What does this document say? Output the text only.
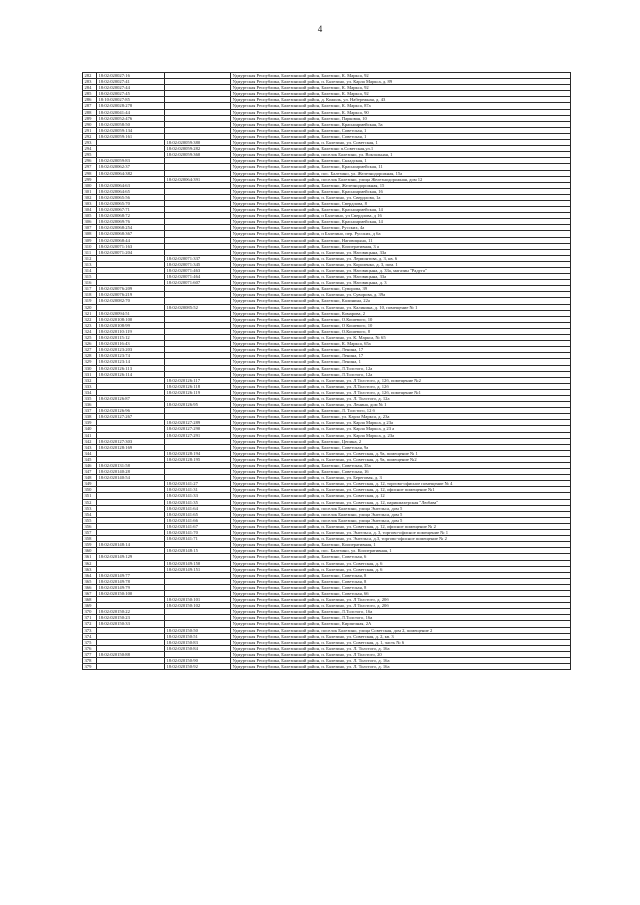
4
282	18:02:020027:16		Удмуртская Республика, Балезинский район, Балезино, К. Маркса, 92
283	18:02:020027:41		Удмуртская Республика, Балезинский район, п. Балезино, ул. Карла Маркса, д. 89
284	18:02:020027:44		Удмуртская Республика, Балезинский район, Балезино, К. Маркса, 92
285	18:02:020027:45		Удмуртская Республика, Балезинский район, Балезино, К. Маркса, 92
286	18:10:020027:85		Удмуртская Республика, Балезинский район, д. Кожиль, ул. Набережная, д. 43
287	18:02:020028:278		Удмуртская Республика, Балезинский район, Балезино, К. Маркса, 87а
288	18:02:020041:44		Удмуртская Республика, Балезинский район, Балезино, К. Маркса, 90
289	18:02:020052:476		Удмуртская Республика, Балезинский район, Балезино, Парковая, 10
290	18:02:020058:50		Удмуртская Республика, Балезинский район, Балезино, Красноармейская, 5а
291	18:02:020059:134		Удмуртская Республика, Балезинский район, Балезино, Советская, 1
292	18:02:020059:161		Удмуртская Республика, Балезинский район, Балезино, Советская, 1
293		18:02:020059:380	Удмуртская Республика, Балезинский район, п. Балезино, ул. Советская, 1
294		18:02:020059:282	Удмуртская Республика, Балезинский район, Балезино п.Советская,ул.1
295		18:02:020059:360	Удмуртская Республика, Балезинский район, поселок Балезино, ул. Вокзальная, 1
296	18:02:020059:83		Удмуртская Республика, Балезинский район, Балезино, Складская, 1
297	18:02:020062:37		Удмуртская Республика, Балезинский район, Балезино, Красноармейская, 11
298	18:02:020064:382		Удмуртская Республика, Балезинский район, пос. Балезино, ул. Железнодорожная, 15а
299		18:02:020064:391	Удмуртская Республика, Балезинский район, поселок Балезино, улица Железнодорожная, дом 12
300	18:02:020064:63		Удмуртская Республика, Балезинский район, Балезино, Железнодорожная, 15
301	18:02:020064:65		Удмуртская Республика, Балезинский район, Балезино, Красноармейская, 16
302	18:02:020065:56		Удмуртская Республика, Балезинский район, п. Балезино, ул. Свердлова, 1а
303	18:02:020065:70		Удмуртская Республика, Балезинский район, Балезино, Свердлова, 8
304	18:02:020067:71		Удмуртская Республика, Балезинский район, Балезино, Красноармейская, 14
305	18:02:020068:72		Удмуртская Республика, Балезинский район, п Балезино, ул Свердлова, д 16
306	18:02:020069:76		Удмуртская Республика, Балезинский район, Балезино, Красноармейская, 14
307	18:02:020068:254		Удмуртская Республика, Балезинский район, Балезино, Русских, 4а
308	18:02:020068:367		Удмуртская Республика, Балезинский район, п Балезино, пер. Русских, д 6а
309	18:02:020068:44		Удмуртская Республика, Балезинский район, Балезино, Наговицына, 11
310	18:02:020071:163		Удмуртская Республика, Балезинский район, Балезино, Кооперативная, 3 а
311	18:02:020071:204		Удмуртская Республика, Балезинский район, п. Балезино, ул. Наговицына, 33а
312		18:02:020071:337	Удмуртская Республика, Балезинский район, п. Балезино, ул. Лермонтова, д. 3, кв. 6
313		18:02:020071:345	Удмуртская Республика, Балезинский район, п. Балезино, ул. Короленко, д. 3, пом. 1
314		18:02:020071:463	Удмуртская Республика, Балезинский район, п. Балезино, ул. Наговицына, д. 33а, магазин "Радуга"
315		18:02:020071:464	Удмуртская Республика, Балезинский район, п. Балезино, ул. Наговицына, 33а
316		18:02:020071:607	Удмуртская Республика, Балезинский район, п. Балезино, ул. Наговицына, д. 3
317	18:02:020076:209		Удмуртская Республика, Балезинский район, Балезино, Суворова, 39
318	18:02:020076:219		Удмуртская Республика, Балезинский район, п. Балезино, ул. Суворова, д. 39а
319	18:02:020082:70		Удмуртская Республика, Балезинский район, Балезино, Калинина, 22а
320		18:02:020085:52	Удмуртская Республика, Балезинский район, п. Балезино, ул. Калинина, д. 10, помещение № 1
321	18:02:020094:51		Удмуртская Республика, Балезинский район, Балезино, Комарова, 2
322	18:02:020108:100		Удмуртская Республика, Балезинский район, Балезино, О.Кошевого, 10
323	18:02:020108:99		Удмуртская Республика, Балезинский район, Балезино, О Кошевого, 10
324	18:02:020110:119		Удмуртская Республика, Балезинский район, Балезино, О.Кошевого, 8
325	18:02:020115:12		Удмуртская Республика, Балезинский район, п. Балезино, ул. К. Маркса, № 65
326	18:02:020116:43		Удмуртская Республика, Балезинский район, Балезино, К. Маркса, 65а
327	18:02:020123:203		Удмуртская Республика, Балезинский район, Балезино, Ленина, 17
328	18:02:020123:74		Удмуртская Республика, Балезинский район, Балезино, Ленина, 17
329	18:02:020123:14		Удмуртская Республика, Балезинский район, Балезино, Ленина, 1
330	18:02:020126:113		Удмуртская Республика, Балезинский район, Балезино, Л.Толстого, 12а
331	18:02:020126:114		Удмуртская Республика, Балезинский район, Балезино, Л.Толстого, 12а
332		18:02:020126:117	Удмуртская Республика, Балезинский район, п. Балезино, ул. Л Толстого, д. 12б, помещение №2
333		18:02:020126:118	Удмуртская Республика, Балезинский район, п. Балезино, ул. Л.Толстого, д. 12б
334		18:02:020126:119	Удмуртская Республика, Балезинский район, п. Балезино, ул. Л Толстого, д. 12б, помещение №1
335	18:02:020126:87		Удмуртская Республика, Балезинский район, п. Балезино, ул. Л. Толстого, д. 12а
336		18:02:020126:95	Удмуртская Республика, Балезинский район, п. Балезино, ул. Ленина, дом № 1
337	18:02:020126:96		Удмуртская Республика, Балезинский район, Балезино, Л. Толстого, 12 б
338	18:02:020127:267		Удмуртская Республика, Балезинский район, Балезино, ул. Карла Маркса, д. 23а
339		18:02:020127:289	Удмуртская Республика, Балезинский район, п. Балезино, ул. Карла Маркса, д 23а
340		18:02:020127:290	Удмуртская Республика, Балезинский район, п. Балезино, ул. Карла Маркса, д 23 а
341		18:02:020127:291	Удмуртская Республика, Балезинский район, п. Балезино, ул. Карла Маркса, д. 23а
342	18:02:020127:303		Удмуртская Республика, Балезинский район, Балезино, Цепина, 2
343	18:02:020128:169		Удмуртская Республика, Балезинский район, Балезино, Советская, 9а
344		18:02:020128:194	Удмуртская Республика, Балезинский район, п. Балезино, ул. Советская, д. 9а, помещение № 1
345		18:02:020128:195	Удмуртская Республика, Балезинский район, п. Балезино, ул. Советская, д. 9а, помещение №2
346	18:02:020131:58		Удмуртская Республика, Балезинский район, Балезино, Советская, 35а
347	18:02:020140:28		Удмуртская Республика, Балезинский район, Балезино, Советская, 16
348	18:02:020140:54		Удмуртская Республика, Балезинский район, п. Балезино, ул. Береговая, д. 3
349		18:02:020141:27	Удмуртская Республика, Балезинский район, п. Балезино, ул. Советская, д. 12, торгово-офисное помещение № 4
350		18:02:020141:31	Удмуртская Республика, Балезинский район, п. Балезино, ул. Советская, д. 12, офисное помещение №1
351		18:02:020141:33	Удмуртская Республика, Балезинский район, п. Балезино, ул. Советская, д. 12
352		18:02:020141:35	Удмуртская Республика, Балезинский район, п. Балезино, ул. Советская, д. 12, парикмахерская "Любава"
353		18:02:020141:64	Удмуртская Республика, Балезинский район, поселок Балезино, улица Энгельса, дом 5
354		18:02:020141:65	Удмуртская Республика, Балезинский район, поселок Балезино, улица Энгельса, дом 5
355		18:02:020141:66	Удмуртская Республика, Балезинский район, поселок Балезино, улица Энгельса, дом 5
356		18:02:020141:67	Удмуртская Республика, Балезинский район, п. Балезино, ул. Советская, д. 12, офисное помещение № 2
357		18:02:020141:70	Удмуртская Республика, Балезинский район, п. Балезино, ул. Энгельса, д. 3, торгово-офисное помещение № 1
358		18:02:020141:71	Удмуртская Республика, Балезинский район, п. Балезино, ул. Энгельса, д.3, торгово-офисное помещение № 2
359	18:02:020148:14		Удмуртская Республика, Балезинский район, Балезино, Кооперативная, 1
360		18:02:020148:15	Удмуртская Республика, Балезинский район, пос. Балезино, ул. Кооперативная, 1
361	18:02:020149:129		Удмуртская Республика, Балезинский район, Балезино, Советская, 6
362		18:02:020149:150	Удмуртская Республика, Балезинский район, п. Балезино, ул. Советская, д. 6
363		18:02:020149:151	Удмуртская Республика, Балезинский район, п. Балезино, ул. Советская, д. 6
364	18:02:020149:77		Удмуртская Республика, Балезинский район, Балезино, Советская, 8
365	18:02:020149:78		Удмуртская Республика, Балезинский район, Балезино, Советская, 8
366	18:02:020149:79		Удмуртская Республика, Балезинский район, Балезино, Советская, 8
367	18:02:020150:100		Удмуртская Республика, Балезинский район, Балезино, Советская, 66
368		18:02:020150:101	Удмуртская Республика, Балезинский район, п. Балезино, ул. Л Толстого, д. 20б
369		18:02:020150:102	Удмуртская Республика, Балезинский район, п. Балезино, ул. Л Толстого, д. 20б
370	18:02:020150:22		Удмуртская Республика, Балезинский район, Балезино, Л.Толстого, 16а
371	18:02:020150:23		Удмуртская Республика, Балезинский район, Балезино, Л.Толстого, 16а
372	18:02:020150:33		Удмуртская Республика, Балезинский район, Балезино, Кирпичная, 2А
373		18:02:020150:50	Удмуртская Республика, Балезинский район, поселок Балезино, улица Советская, дом 2, помещение 2
374		18:02:020150:51	Удмуртская Республика, Балезинский район, п. Балезино, ул. Советская, д. 2, кв. 3
375		18:02:020150:83	Удмуртская Республика, Балезинский район, п. Балезино, ул. Советская, д. 1, часть № 6
376		18:02:020150:84	Удмуртская Республика, Балезинский район, п. Балезино, ул. Л. Толстого, д. 16а
377	18:02:020150:88		Удмуртская Республика, Балезинский район, п. Балезино, ул. Л Толстого, 20
378		18:02:020150:90	Удмуртская Республика, Балезинский район, п. Балезино, ул. Л. Толстого, д. 16а
379		18:02:020150:92	Удмуртская Республика, Балезинский район, п. Балезино, ул. Л. Толстого, д. 16а
